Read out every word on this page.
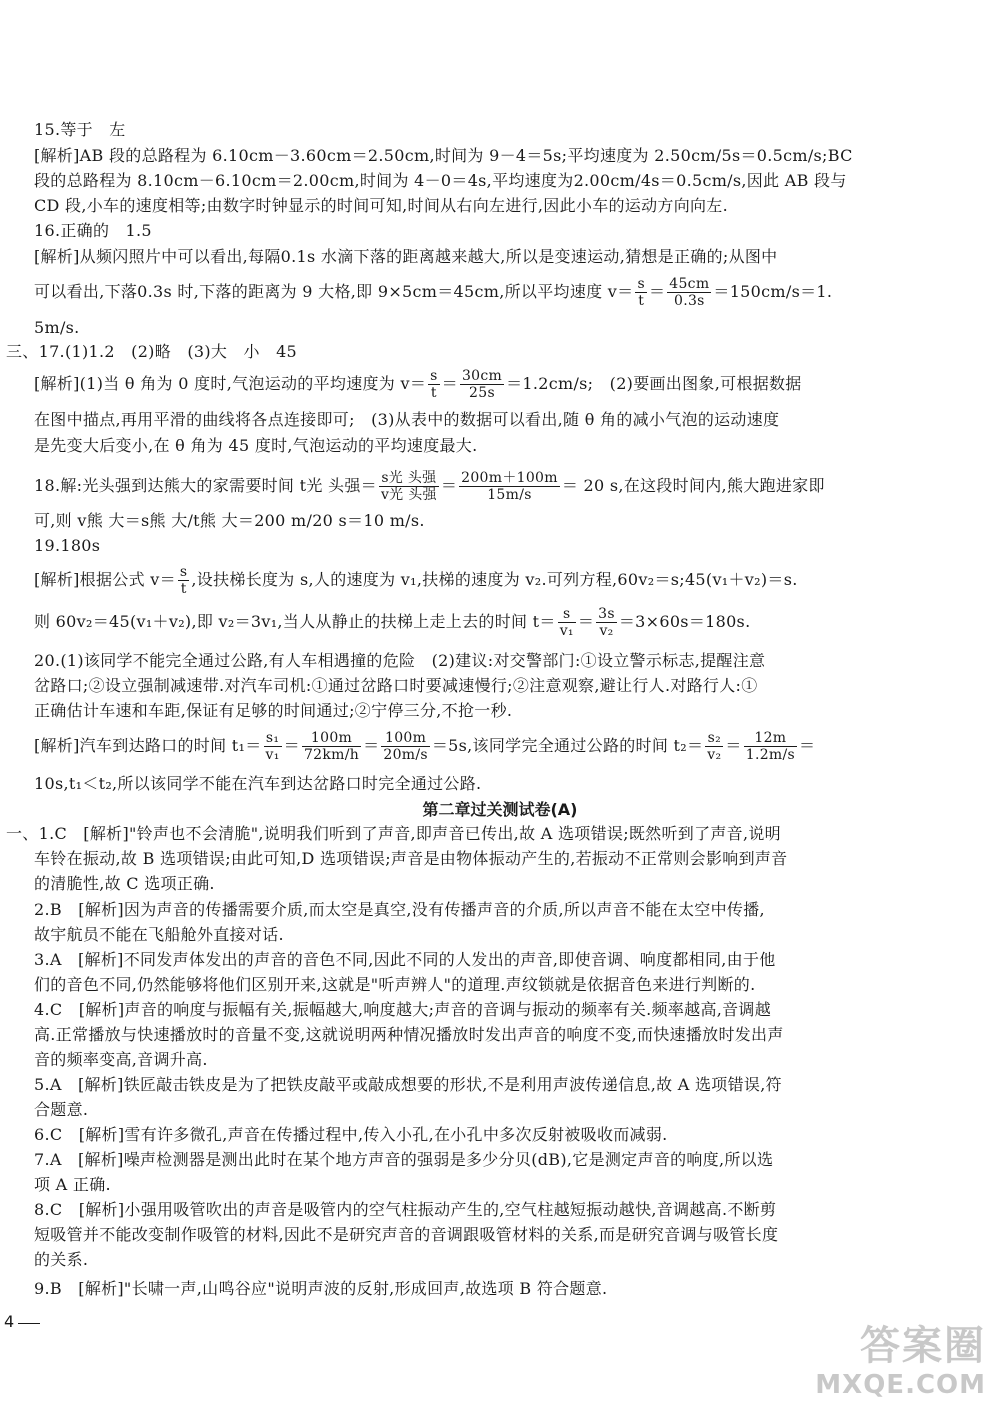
15.等于　左
[解析]AB 段的总路程为 6.10cm－3.60cm＝2.50cm,时间为 9－4＝5s;平均速度为 2.50cm/5s＝0.5cm/s;BC
段的总路程为 8.10cm－6.10cm＝2.00cm,时间为 4－0＝4s,平均速度为2.00cm/4s＝0.5cm/s,因此 AB 段与
CD 段,小车的速度相等;由数字时钟显示的时间可知,时间从右向左进行,因此小车的运动方向向左.
16.正确的　1.5
[解析]从频闪照片中可以看出,每隔0.1s 水滴下落的距离越来越大,所以是变速运动,猜想是正确的;从图中
可以看出,下落0.3s 时,下落的距离为 9 大格,即 9×5cm＝45cm,所以平均速度 $v= \frac{s}{t} = \frac{45cm}{0.3s} =150cm/s=1$.
5m/s.
三、17.(1)1.2　(2)略　(3)大　小　45
[解析](1)当 θ 角为 0 度时,气泡运动的平均速度为 $v= \frac{s}{t} = \frac{30cm}{25s} =1.2cm/s$;　(2)要画出图象,可根据数据
在图中描点,再用平滑的曲线将各点连接即可;　(3)从表中的数据可以看出,随 θ 角的减小气泡的运动速度
是先变大后变小,在 θ 角为 45 度时,气泡运动的平均速度最大.
18.解:光头强到达熊大的家需要时间 t光 头强＝ $\frac{\text{s光 头强}}{\text{v光 头强}} = \frac{200m+100m}{15m/s} = 20$ s,在这段时间内,熊大跑进家即
可,则 v熊 大＝s熊 大/t熊 大＝200 m/20 s＝10 m/s.
19.180s
[解析]根据公式 $v= \frac{s}{t}$ ,设扶梯长度为 s,人的速度为 v₁,扶梯的速度为 v₂.可列方程,60v₂＝s;45(v₁＋v₂)＝s.
则 60v₂＝45(v₁＋v₂),即 v₂＝3v₁,当人从静止的扶梯上走上去的时间 $t= \frac{s}{\text{v₁}} = \frac{3s}{\text{v₂}} =3\times 60s=180s$.
20.(1)该同学不能完全通过公路,有人车相遇撞的危险　(2)建议:对交警部门:①设立警示标志,提醒注意
岔路口;②设立强制减速带.对汽车司机:①通过岔路口时要减速慢行;②注意观察,避让行人.对路行人:①
正确估计车速和车距,保证有足够的时间通过;②宁停三分,不抢一秒.
[解析]汽车到达路口的时间 $t_1= \frac{\text{s₁}}{\text{v₁}} = \frac{100m}{72km/h} = \frac{100m}{20m/s} =5s$,该同学完全通过公路的时间 $t_2= \frac{\text{s₂}}{\text{v₂}} = \frac{12m}{1.2m/s}$ ＝
10s,t₁＜t₂,所以该同学不能在汽车到达岔路口时完全通过公路.
第二章过关测试卷(A)
一、1.C　[解析]"铃声也不会清脆",说明我们听到了声音,即声音已传出,故 A 选项错误;既然听到了声音,说明
车铃在振动,故 B 选项错误;由此可知,D 选项错误;声音是由物体振动产生的,若振动不正常则会影响到声音
的清脆性,故 C 选项正确.
2.B　[解析]因为声音的传播需要介质,而太空是真空,没有传播声音的介质,所以声音不能在太空中传播,
故宇航员不能在飞船舱外直接对话.
3.A　[解析]不同发声体发出的声音的音色不同,因此不同的人发出的声音,即使音调、响度都相同,由于他
们的音色不同,仍然能够将他们区别开来,这就是"听声辨人"的道理.声纹锁就是依据音色来进行判断的.
4.C　[解析]声音的响度与振幅有关,振幅越大,响度越大;声音的音调与振动的频率有关.频率越高,音调越
高.正常播放与快速播放时的音量不变,这就说明两种情况播放时发出声音的响度不变,而快速播放时发出声
音的频率变高,音调升高.
5.A　[解析]铁匠敲击铁皮是为了把铁皮敲平或敲成想要的形状,不是利用声波传递信息,故 A 选项错误,符
合题意.
6.C　[解析]雪有许多微孔,声音在传播过程中,传入小孔,在小孔中多次反射被吸收而减弱.
7.A　[解析]噪声检测器是测出此时在某个地方声音的强弱是多少分贝(dB),它是测定声音的响度,所以选
项 A 正确.
8.C　[解析]小强用吸管吹出的声音是吸管内的空气柱振动产生的,空气柱越短振动越快,音调越高.不断剪
短吸管并不能改变制作吸管的材料,因此不是研究声音的音调跟吸管材料的关系,而是研究音调与吸管长度
的关系.
9.B　[解析]"长啸一声,山鸣谷应"说明声波的反射,形成回声,故选项 B 符合题意.
4
答案圈
MXQE.COM
